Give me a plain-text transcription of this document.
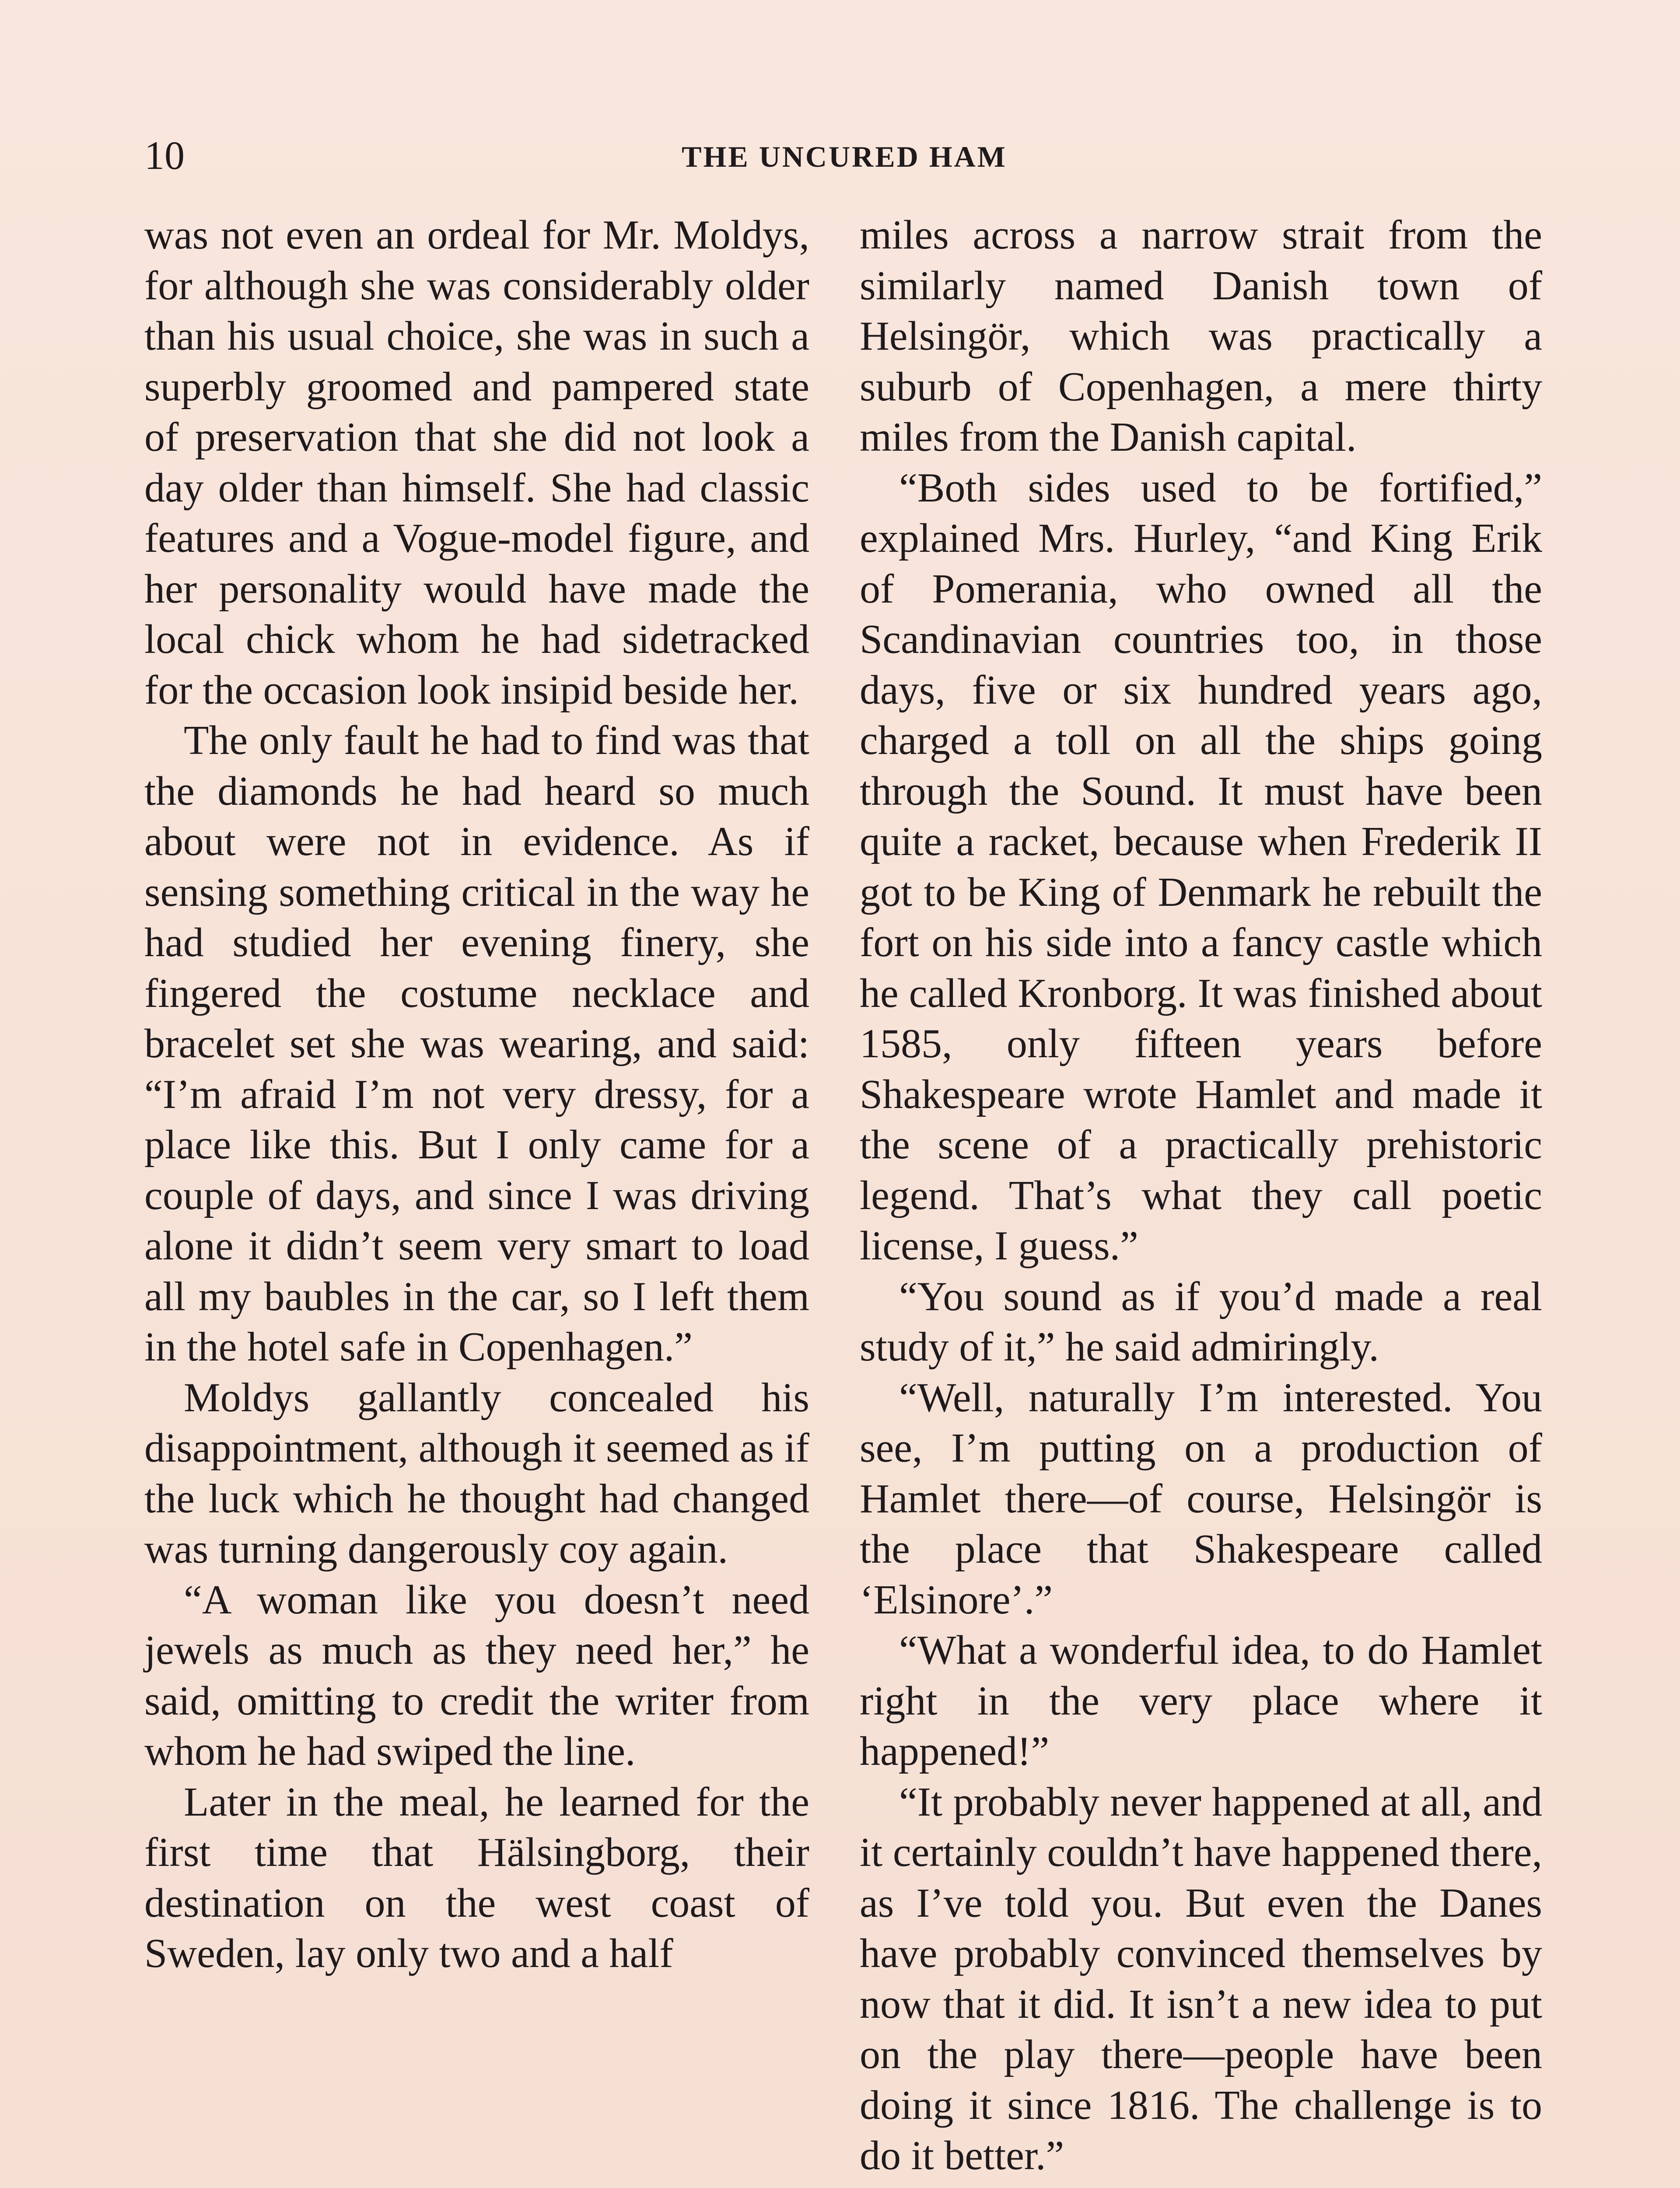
10	THE UNCURED HAM

was not even an ordeal for Mr. Moldys, for although she was considerably older than his usual choice, she was in such a superbly groomed and pampered state of preservation that she did not look a day older than himself. She had classic features and a Vogue-model figure, and her personality would have made the local chick whom he had sidetracked for the occasion look insipid beside her.

The only fault he had to find was that the diamonds he had heard so much about were not in evidence. As if sensing something critical in the way he had studied her evening finery, she fingered the costume necklace and bracelet set she was wearing, and said: “I’m afraid I’m not very dressy, for a place like this. But I only came for a couple of days, and since I was driving alone it didn’t seem very smart to load all my baubles in the car, so I left them in the hotel safe in Copenhagen.”

Moldys gallantly concealed his disappointment, although it seemed as if the luck which he thought had changed was turning dangerously coy again.

“A woman like you doesn’t need jewels as much as they need her,” he said, omitting to credit the writer from whom he had swiped the line.

Later in the meal, he learned for the first time that Hälsingborg, their destination on the west coast of Sweden, lay only two and a half

miles across a narrow strait from the similarly named Danish town of Helsingör, which was practically a suburb of Copenhagen, a mere thirty miles from the Danish capital.

“Both sides used to be fortified,” explained Mrs. Hurley, “and King Erik of Pomerania, who owned all the Scandinavian countries too, in those days, five or six hundred years ago, charged a toll on all the ships going through the Sound. It must have been quite a racket, because when Frederik II got to be King of Denmark he rebuilt the fort on his side into a fancy castle which he called Kronborg. It was finished about 1585, only fifteen years before Shakespeare wrote Hamlet and made it the scene of a practically prehistoric legend. That’s what they call poetic license, I guess.”

“You sound as if you’d made a real study of it,” he said admiringly.

“Well, naturally I’m interested. You see, I’m putting on a production of Hamlet there—of course, Helsingör is the place that Shakespeare called ‘Elsinore’.”

“What a wonderful idea, to do Hamlet right in the very place where it happened!”

“It probably never happened at all, and it certainly couldn’t have happened there, as I’ve told you. But even the Danes have probably convinced themselves by now that it did. It isn’t a new idea to put on the play there—people have been doing it since 1816. The challenge is to do it better.”
